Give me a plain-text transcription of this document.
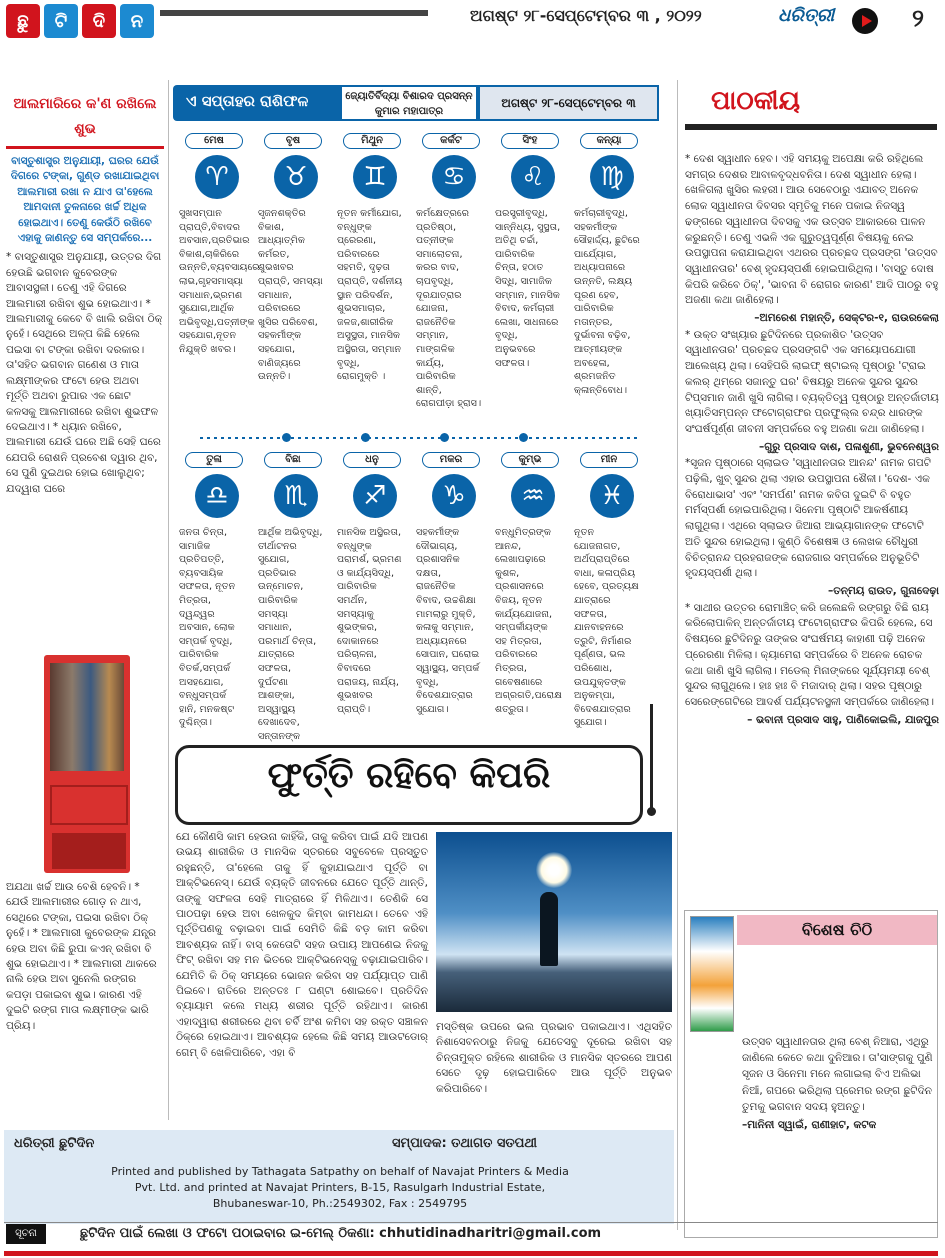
ଛୁ	ଟି	ଦି	ନ	ଅଗଷ୍ଟ ୨୮-ସେପ୍ଟେମ୍ବର ୩ , ୨୦୨୨	ଧରିତ୍ରୀ	୨
ଆଲମାରିରେ କ'ଣ ରଖିଲେ ଶୁଭ
ବାସ୍ତୁଶାସ୍ତ୍ର ଅନୁଯାୟୀ, ଘରର ଯେଉଁ ଦିଗରେ ଟଙ୍କା, ଗୁଣ୍ଡ ରଖାଯାଇଥିବା ଆଲମାରୀ ରଖା ନ ଯାଏ ତା'ହେଲେ ଆମଦାନୀ ତୁଳନାରେ ଖର୍ଚ୍ଚ ଅଧିକ ହୋଇଥାଏ। ତେଣୁ କେଉଁଠି ରଖିବେ ଏହାକୁ ଜାଣନ୍ତୁ ସେ ସମ୍ପର୍କରେ...
* ବାସ୍ତୁଶାସ୍ତ୍ର ଅନୁଯାୟୀ, ଉତ୍ତର ଦିଗ ହେଉଛି ଭଗବାନ କୁବେରଙ୍କ ଆବାସସ୍ଥଳୀ। ତେଣୁ ଏହି ଦିଗରେ ଆଲମାରୀ ରଖିବା ଶୁଭ ହୋଇଥାଏ। * ଆଲମାରୀକୁ କେବେ ବି ଖାଲି ରଖିବା ଠିକ୍ ନୁହେଁ। ସେଥିରେ ଅଳ୍ପ କିଛି ହେଲେ ପଇସା ବା ଟଙ୍କା ରଖିବା ଦରକାର। ତା'ସହିତ ଭଗବାନ ଗଣେଶ ଓ ମାତା ଲକ୍ଷ୍ମୀଙ୍କର ଫଟୋ ହେଉ ଅଥବା ମୂର୍ତ୍ତି ଅଥବା ରୁପାର ଏକ ଛୋଟ କଳସକୁ ଆଲମାରୀରେ ରଖିବା ଶୁଭଫଳ ଦେଇଥାଏ। * ଧ୍ୟାନ ରଖିବେ, ଆଲମାରୀ ଯେଉଁ ଘରେ ଅଛି ସେହି ଘରେ ଯେପରି ରୋଶନି ପ୍ରବେଶ ଦ୍ୱାର ଥିବ, ସେ ପୁଣି ଦୁଇଥର ହୋଇ ଖୋଲୁଥିବ; ଯଦ୍ୱାରା ଘରେ
ଅଯଥା ଖର୍ଚ୍ଚ ଆଉ ବେଶି ହେବନି। * ଯେଉଁ ଆଲମାରୀର ଗୋଡ଼ ନ ଥାଏ, ସେଥିରେ ଟଙ୍କା, ପଇସା ରଖିବା ଠିକ୍ ନୁହେଁ। * ଆଲମାରୀ କୁବେରଙ୍କ ଯନ୍ତ୍ର ହେଉ ଅବା କିଛି ରୁପା କଏନ୍ ରଖିବା ବି ଶୁଭ ହୋଇଥାଏ। * ଆଲମାରୀ ଥାକରେ ନାଲି ହେଉ ଅବା ସୁନେଲି ରଙ୍ଗର କପଡ଼ା ପକାଇବା ଶୁଭ। କାରଣ ଏହି ଦୁଇଟି ରଙ୍ଗ ମାତା ଲକ୍ଷ୍ମୀଙ୍କ ଭାରି ପ୍ରିୟ।
ଏ ସପ୍ତାହର ରାଶିଫଳ	ଜ୍ୟୋତିର୍ବିଦ୍ୟା ବିଶାରଦ ପ୍ରସନ୍ନ କୁମାର ମହାପାତ୍ର
ଅଗଷ୍ଟ ୨୮-ସେପ୍ଟେମ୍ବର ୩
ମେଷ
♈
ସୁଖସମ୍ପାନ ପ୍ରାପ୍ତି,ବିବାଦର ଅବସାନ,ପ୍ରତିଭାର ବିକାଶ,ଚାକିରିରେ ଉନ୍ନତି,ବ୍ୟବସାୟରେ ଲାଭ,ଗୃହସମାସ୍ୟା ସମାଧାନ,ଭ୍ରମଣ ସୁଯୋଗ,ଆର୍ଥିକ ଅଭିବୃଦ୍ଧି,ପତ୍ନୀଙ୍କ ସହଯୋଗ,ନୂତନ ନିଯୁକ୍ତି ଖବର।
ବୃଷ
♉
ସୃଜନଶକ୍ତିର ବିକାଶ, ଆଧ୍ୟାତ୍ମିକ କର୍ମରତ, ଶୁଭଖବର ପ୍ରାପ୍ତି, ସମସ୍ୟା ସମାଧାନ, ପରିବାରରେ ଖୁସିର ପରିବେଶ, ସହକର୍ମୀଙ୍କ ସହଯୋଗ, ବାଣିଜ୍ୟରେ ଉନ୍ନତି।
ମିଥୁନ
♊
ନୂତନ କର୍ମୀଯୋଗ, ବନ୍ଧୁଙ୍କ ପ୍ରେରଣା, ପରିବାରରେ ସହମତି, ଦୃଢ଼ତା ପ୍ରାପ୍ତି, ଦର୍ଶନୀୟ ସ୍ଥାନ ପରିଦର୍ଶନ, ଶୁଭସମାଚାର, ଜଳଜ,ଶାରୀରିକ ଅସୁସ୍ଥତା, ମାନସିକ ଅସ୍ଥିରତା, ସମ୍ମାନ ବୃଦ୍ଧି, ରୋଗମୁକ୍ତି ।
କର୍କଟ
♋
କର୍ମକ୍ଷେତ୍ରରେ ପ୍ରତିଷ୍ଠା, ପତ୍ନୀଙ୍କ ସମାଲୋଚନା, କରର ବାଦ, ଚାପବୃଦ୍ଧି, ଦୂରଯାତ୍ରାର ଯୋଜନା, ରାଜନୈତିକ ସମ୍ମାନ, ମାଙ୍ଗଳିକ କାର୍ଯ୍ୟ, ପାରିବାରିକ ଶାନ୍ତି, ରୋଗପୀଡ଼ା ହ୍ରାସ।
ସିଂହ
♌
ପରସ୍ତ୍ରୀବୃଦ୍ଧି, ସାନ୍ନିଧ୍ୟ, ସୁସ୍ଥତା, ଅତିଥି ଚର୍ଚ୍ଚା, ପାରିବାରିକ ଚିନ୍ତା, ହଠାତ ସିଦ୍ଧି, ସାମାଜିକ ସମ୍ମାନ, ମାନସିକ ବିବାଦ, କର୍ମଚାରୀ ଲେଖା, ସାଧନାରେ ବୃଦ୍ଧି, ଅନୁଭବରେ ସଫଳତା।
କନ୍ୟା
♍
କର୍ମଚାରୀବୃଦ୍ଧି, ସହକର୍ମୀଙ୍କ ସୌହାର୍ଦ୍ଦ୍ୟ, ଛୁଟିରେ ପାର୍ଯ୍ୟୋଗ, ଅଧ୍ୟାପନାରେ ଉନ୍ନତି, ଲକ୍ଷ୍ୟ ପୂରଣ ହେବ, ପାରିବାରିକ ମତାନ୍ତର, ଦୁର୍ଭାବନା ବଢ଼ିବ, ଆତ୍ମୀୟଙ୍କ ଅବହେଳା, ଶ୍ରମଜନିତ କ୍ଳାନ୍ତିବୋଧ।
ତୁଳା
♎
ଜନତା ଚିନ୍ତା, ସାମାଜିକ ପ୍ରତିପତ୍ତି, ବ୍ୟବସାୟିକ ସଫଳତା, ନୂତନ ମିତ୍ରତା, ଦ୍ୱନ୍ଦ୍ୱର ଅବସାନ, ଲୋକ ସମ୍ପର୍କ ବୃଦ୍ଧି, ପାରିବାରିକ ବିତର୍କ,ସମ୍ପର୍କ ଅସହଯୋଗ, ବନ୍ଧୁସମ୍ପର୍କ ହାନି, ମନକଷ୍ଟ ଦୁଶ୍ଚିନ୍ତା।
ବିଛା
♏
ଆର୍ଥିକ ଅଭିବୃଦ୍ଧି, ତୀର୍ଥାଟନର ସୁଯୋଗ, ପ୍ରତିଭାର ଉନ୍ମୋଚନ, ପାରିବାରିକ ସମସ୍ୟା ସମାଧାନ, ପରମାର୍ଥ ଚିନ୍ତା, ଯାତ୍ରାରେ ସଫଳତା, ଦୁର୍ଘଟଣା ଆଶଙ୍କା, ଅସ୍ୱାସ୍ଥ୍ୟ ଦେଖାଦେବ, ସନ୍ତାନଙ୍କ
ଧନୁ
♐
ମାନସିକ ଅସ୍ଥିରତା, ବନ୍ଧୁଙ୍କ ପରାମର୍ଶ, ଭ୍ରମଣ ଓ କାର୍ଯ୍ୟସିଦ୍ଧି, ପାରିବାରିକ ସମର୍ଥନ, ସମସ୍ୟାକୁ ଶୁଭଙ୍କର, ଦୋକାନରେ ପରିଚାଳନା, ବିବାଦରେ ପରାଜୟ, ନାର୍ଯ୍ୟ, ଶୁଭଖବର ପ୍ରାପ୍ତି।
ମକର
♑
ସହକର୍ମୀଙ୍କ ଦୌଭାଗ୍ୟ, ପ୍ରଶାସନିକ ଦକ୍ଷତା, ରାଜନୈତିକ ବିବାଦ, ଉଚ୍ଚଶିକ୍ଷା ମାମଲାରୁ ମୁକ୍ତି, କଳାକୁ ସମ୍ମାନ, ଅଧ୍ୟାୟନରେ ସୋପାନ, ଘରୋଇ ସ୍ୱାସ୍ଥ୍ୟ, ସମ୍ପର୍କ ବୃଦ୍ଧି, ବିଦେଶଯାତ୍ରାର ସୁଯୋଗ।
କୁମ୍ଭ
♒
ବନ୍ଧୁମିତ୍ରଙ୍କ ଆନନ୍ଦ, ଲେଖାପଢ଼ାରେ କୁଶଳ, ପ୍ରଶାସନରେ ବିଜୟ, ନୂତନ କାର୍ଯ୍ୟଯୋଜନା, ସମ୍ପର୍କୀୟଙ୍କ ସହ ମିତ୍ରତା, ପରିବାରରେ ମିତ୍ରତା, ଗବେଷଣାରେ ଅଗ୍ରଗତି,ପରୋକ୍ଷ ଶତ୍ରୁତା।
ମୀନ
♓
ନୂତନ ଯୋଜନାଗତ, ଅର୍ଥପ୍ରାପ୍ତିରେ ବାଧା, କଳାପ୍ରିୟ ହେବେ, ପ୍ରତ୍ୟକ୍ଷ ଯାତ୍ରାରେ ସଫଳତା, ଯାନବାହନରେ ତ୍ରୁଟି, ନିର୍ମାଣର ପୂର୍ଣ୍ଣତା, ଭଲ ପରିଶୋଧ, ଉପଯୁକ୍ତଙ୍କ ଅନୁକମ୍ପା, ବିଦେଶଯାତ୍ରାର ସୁଯୋଗ।
ଫୁର୍ତ୍ତି ରହିବେ କିପରି
ଯେ କୌଣସି କାମ ହେଉନା କାହିଁକି, ତାକୁ କରିବା ପାଇଁ ଯଦି ଆପଣ ଉଭୟ ଶାରୀରିକ ଓ ମାନସିକ ସ୍ତରରେ ସବୁବେଳେ ପ୍ରସ୍ତୁତ ରହୁଛନ୍ତି, ତା'ହେଲେ ତାକୁ ହିଁ କୁହାଯାଇଥାଏ ପୂର୍ତ୍ତି ବା ଆକ୍ଟିଭନେସ୍। ଯେଉଁ ବ୍ୟକ୍ତି ଜୀବନରେ ଯେତେ ପୂର୍ତ୍ତି ଥାନ୍ତି, ତାଙ୍କୁ ସଫଳତା ସେହି ମାତ୍ରାରେ ହିଁ ମିଳିଥାଏ। ତେଣିକି ସେ ପାଠପଢ଼ା ହେଉ ଅବା ଖେଳକୁଦ କିମ୍ବା କାମଧନ୍ଦା। ତେବେ ଏହି ପୂର୍ତ୍ତିପଣକୁ ବଢ଼ାଇବା ପାଇଁ ସେମିତି କିଛି ବଡ଼ କାମ କରିବା ଆବଶ୍ୟକ ନାହିଁ। ବାସ୍ କେତୋଟି ସହଜ ଉପାୟ ଆପଣେଇ ନିଜକୁ ଫିଟ୍ ରଖିବା ସହ ମନ ଭିତରେ ଆକ୍ଟିଭନେସ୍‌କୁ ବଢ଼ାଯାଇପାରିବ। ଯେମିତି କି ଠିକ୍ ସମୟରେ ଭୋଜନ କରିବା ସହ ପର୍ଯ୍ୟାପ୍ତ ପାଣି ପିଇବେ। ରାତିରେ ଅନ୍ତତଃ ୮ ଘଣ୍ଟା ଶୋଇବେ। ପ୍ରତିଦିନ ବ୍ୟାୟାମ କଲେ ମଧ୍ୟ ଶରୀର ପୂର୍ତ୍ତି ରହିଥାଏ। କାରଣ ଏହାଦ୍ୱାରା ଶରୀରରେ ଥିବା ଚର୍ବି ଅଂଶ କମିବା ସହ ରକ୍ତ ସଞ୍ଚାଳନ ଠିକ୍‌ରେ ହୋଇଥାଏ। ଆବଶ୍ୟକ ହେଲେ କିଛି ସମୟ ଆଉଟଡୋର୍ ଗେମ୍ ବି ଖେଳିପାରିବେ, ଏହା ବି
ମସ୍ତିଷ୍କ ଉପରେ ଭଲ ପ୍ରଭାବ ପକାଇଥାଏ। ଏଥିସହିତ ନିଶାସେବନଠାରୁ ନିଜକୁ ଯେତେସବୁ ଦୂରେଇ ରଖିବା ସହ ଚିନ୍ତାମୁକ୍ତ ରହିଲେ ଶାରୀରିକ ଓ ମାନସିକ ସ୍ତରରେ ଆପଣ ସେତେ ଦୃଢ଼ ହୋଇପାରିବେ ଆଉ ପୂର୍ତ୍ତି ଅନୁଭବ କରିପାରିବେ।
ପାଠକୀୟ

* ଦେଶ ସ୍ୱାଧୀନ ହେବ। ଏହି ସମୟକୁ ଅପେକ୍ଷା କରି ରହିଥିଲେ ସମଗ୍ର ଦେଶର ଆବାଳବୃଦ୍ଧବନିତା। ଦେଶ ସ୍ୱାଧୀନ ହେଲା। ଖେଳିଗଲା ଖୁସିର ଲହରୀ। ଆଉ ସେବେଠାରୁ ଏଯାବତ୍ ଅନେକ ଲୋକ ସ୍ୱାଧୀନତା ଦିବସର ସ୍ମୃତିକୁ ମନେ ପକାଇ ନିଜସ୍ୱ ଢଙ୍ଗରେ ସ୍ୱାଧୀନତା ଦିବସକୁ ଏକ ଉତ୍ସବ ଆକାରରେ ପାଳନ କରୁଛନ୍ତି। ତେଣୁ ଏଭଳି ଏକ ଗୁରୁତ୍ୱପୂର୍ଣ୍ଣ ବିଷୟକୁ ନେଇ ଉପସ୍ଥାପନା କରାଯାଇଥିବା ଏଥରର ପ୍ରଚ୍ଛଦ ପ୍ରସଙ୍ଗ 'ଉତ୍ସବ ସ୍ୱାଧୀନତାର' ବେଶ୍ ହୃଦୟସ୍ପର୍ଶୀ ହୋଇପାରିଥିଲା। 'ବାସ୍ତୁ ଦୋଷ କିପରି କରିବେ ଠିକ୍', 'ଭାବନା ବି ରୋଗର କାରଣ' ଆଦି ପାଠରୁ ବହୁ ଅଜଣା କଥା ଜାଣିହେଲା।

–ଅମରେଶ ମହାନ୍ତି, ସେକ୍ଟର-୧, ରାଉରକେଲା

* ଉକ୍ତ ସଂଖ୍ୟାର ଛୁଟିଦିନରେ ପ୍ରକାଶିତ 'ଉତ୍ସବ ସ୍ୱାଧୀନତାର' ପ୍ରଚ୍ଛଦ ପ୍ରସଙ୍ଗଟି ଏକ ସମୟୋପଯୋଗୀ ଆଲେଖ୍ୟ ଥିଲା। ସେହିପରି ଲାଇଫ୍ ଷ୍ଟାଇଲ୍ ପୃଷ୍ଠାରୁ 'ଟ୍ରାଇ କଲର୍ ଥିମ୍‌ରେ ସଜାନ୍ତୁ ଘର' ବିଷୟରୁ ଅନେକ ସୁନ୍ଦର ସୁନ୍ଦର ଟିପ୍ସମାନ ଜାଣି ଖୁସି ଲାଗିଲା। ବ୍ୟକ୍ତିତ୍ୱ ପୃଷ୍ଠାରୁ ଅନ୍ତର୍ଜାତୀୟ ଖ୍ୟାତିସମ୍ପନ୍ନ ଫଟୋଗ୍ରାଫର ପ୍ରଫୁଲ୍ଲ ଚନ୍ଦ୍ର ଧାରଙ୍କ ସଂଘର୍ଷପୂର୍ଣ୍ଣ ଜୀବନୀ ସମ୍ପର୍କରେ ବହୁ ଅଜଣା କଥା ଜାଣିହେଲା।

–ଗୁରୁ ପ୍ରସାଦ ଦାଶ, ପଳାଶୁଣୀ, ଭୁବନେଶ୍ୱର

*ସୃଜନ ପୃଷ୍ଠାରେ ସ୍ଲାଇଡ 'ସ୍ୱାଧୀନତାର ଆନନ୍ଦ' ନାମକ ଗପଟି ପଢ଼ିଲି, ଖୁବ୍ ସୁନ୍ଦର ଥିଲା ଏହାର ଉପସ୍ଥାପନା ଶୈଳୀ। 'ଦେଶ- ଏକ ବିରୋଧାଭାସ' ଏବଂ 'ସମର୍ପଣ' ନାମକ କବିତା ଦୁଇଟି ବି ବହୁତ ମର୍ମସ୍ପର୍ଶୀ ହୋଇପାରିଥିଲା। ସିନେମା ପୃଷ୍ଠାଟି ଆକର୍ଷଣୀୟ ଲାଗୁଥିଲା। ଏଥିରେ ସ୍ଲାଇଡ ଜିଆରା ଆଭ୍ୟାଗାନଙ୍କ ଫଟୋଟି ଅତି ସୁନ୍ଦର ହୋଇଥିଲା। କୁଣ୍ଠି ବିଶେଷଜ୍ଞ ଓ ଲେଖକ ଚୌଧୁରୀ ବିଚିତ୍ରାନନ୍ଦ ପ୍ରହରାଜଙ୍କ ରୋଜଗାର ସମ୍ପର୍କରେ ଅନୁଭୂତିଟି ହୃଦୟସ୍ପର୍ଶୀ ଥିଲା।

–ତନ୍ମୟ ରାଉତ, ଗୁନାଦେଢ଼ା

* ସାଥୀର ଉତ୍ତର ରୋମାଞ୍ଚିତ୍ କରି ଜଲେଛଳି ରଙ୍ଗରୁ ବିଛି ରାୟ କରିଲୋପାଳିନ୍ ଅନ୍ତର୍ଜାତୀୟ ଫଟୋଗ୍ରାଫର କିପରି ହେଲେ, ସେ ବିଷୟରେ ଛୁଟିଦିନରୁ ତାଙ୍କର ସଂଘର୍ଷମୟ କାହାଣୀ ପଢ଼ି ଅନେକ ପ୍ରେରଣା ମିଳିଲା। କ୍ୟାମେରା ସମ୍ପର୍କରେ ବି ଅନେକ ରୋଚକ କଥା ଜାଣି ଖୁସି ଲାଗିଲା। ମଡେଲ୍ ମିନାଙ୍କରେ ସୂର୍ଯ୍ୟମୟୀ ବେଶ୍ ସୁନ୍ଦର ଲାଗୁଥିଲେ। ହାଃ ହାଃ ବି ମଜାଦାର୍ ଥିଲା। ସହର ପୃଷ୍ଠାରୁ ସେରେଙ୍ଗେଟିରେ ଆଦର୍ଶ ପର୍ଯ୍ୟଟନସ୍ଥଳୀ ସମ୍ପର୍କରେ ଜାଣିହେଲା।

– ଭବାନୀ ପ୍ରସାଦ ସାହୁ, ପାଣିକୋଇଲି, ଯାଜପୁର

ବିଶେଷ ଚିଠି
ଉତ୍ସବ ସ୍ୱାଧୀନତାର ଥିଲା ବେଶ୍ ନିଆରା, ଏଥିରୁ ଜାଣିଲେ କେତେ କଥା ଦୁନିଆର। ତା'ସାଙ୍ଗକୁ ପୁଣି ସୃଜନ ଓ ସିନେମା ମନେ ଲଗାଇଲା ବିଏ ଅଲିଭା ନିଆଁ, ଗପରେ ଭରିଥିଲା ପ୍ରେମର ରଙ୍ଗ ଛୁଟିଦିନ ତୁମକୁ ଭଗବାନ ସଦୟ ହୁଅନ୍ତୁ।
–ମାନିନୀ ସ୍ୱାଇଁ, ରାଣୀହାଟ, କଟକ
ଧରିତ୍ରୀ ଛୁଟିଦିନ	ସମ୍ପାଦକ: ତଥାଗତ ସତପଥୀ
Printed and published by Tathagata Satpathy on behalf of Navajat Printers & Media Pvt. Ltd. and printed at Navajat Printers, B-15, Rasulgarh Industrial Estate, Bhubaneswar-10, Ph.:2549302, Fax : 2549795
ସୂଚନା	ଛୁଟିଦିନ ପାଇଁ ଲେଖା ଓ ଫଟୋ ପଠାଇବାର ଇ-ମେଲ୍ ଠିକଣା: chhutidinadharitri@gmail.com
